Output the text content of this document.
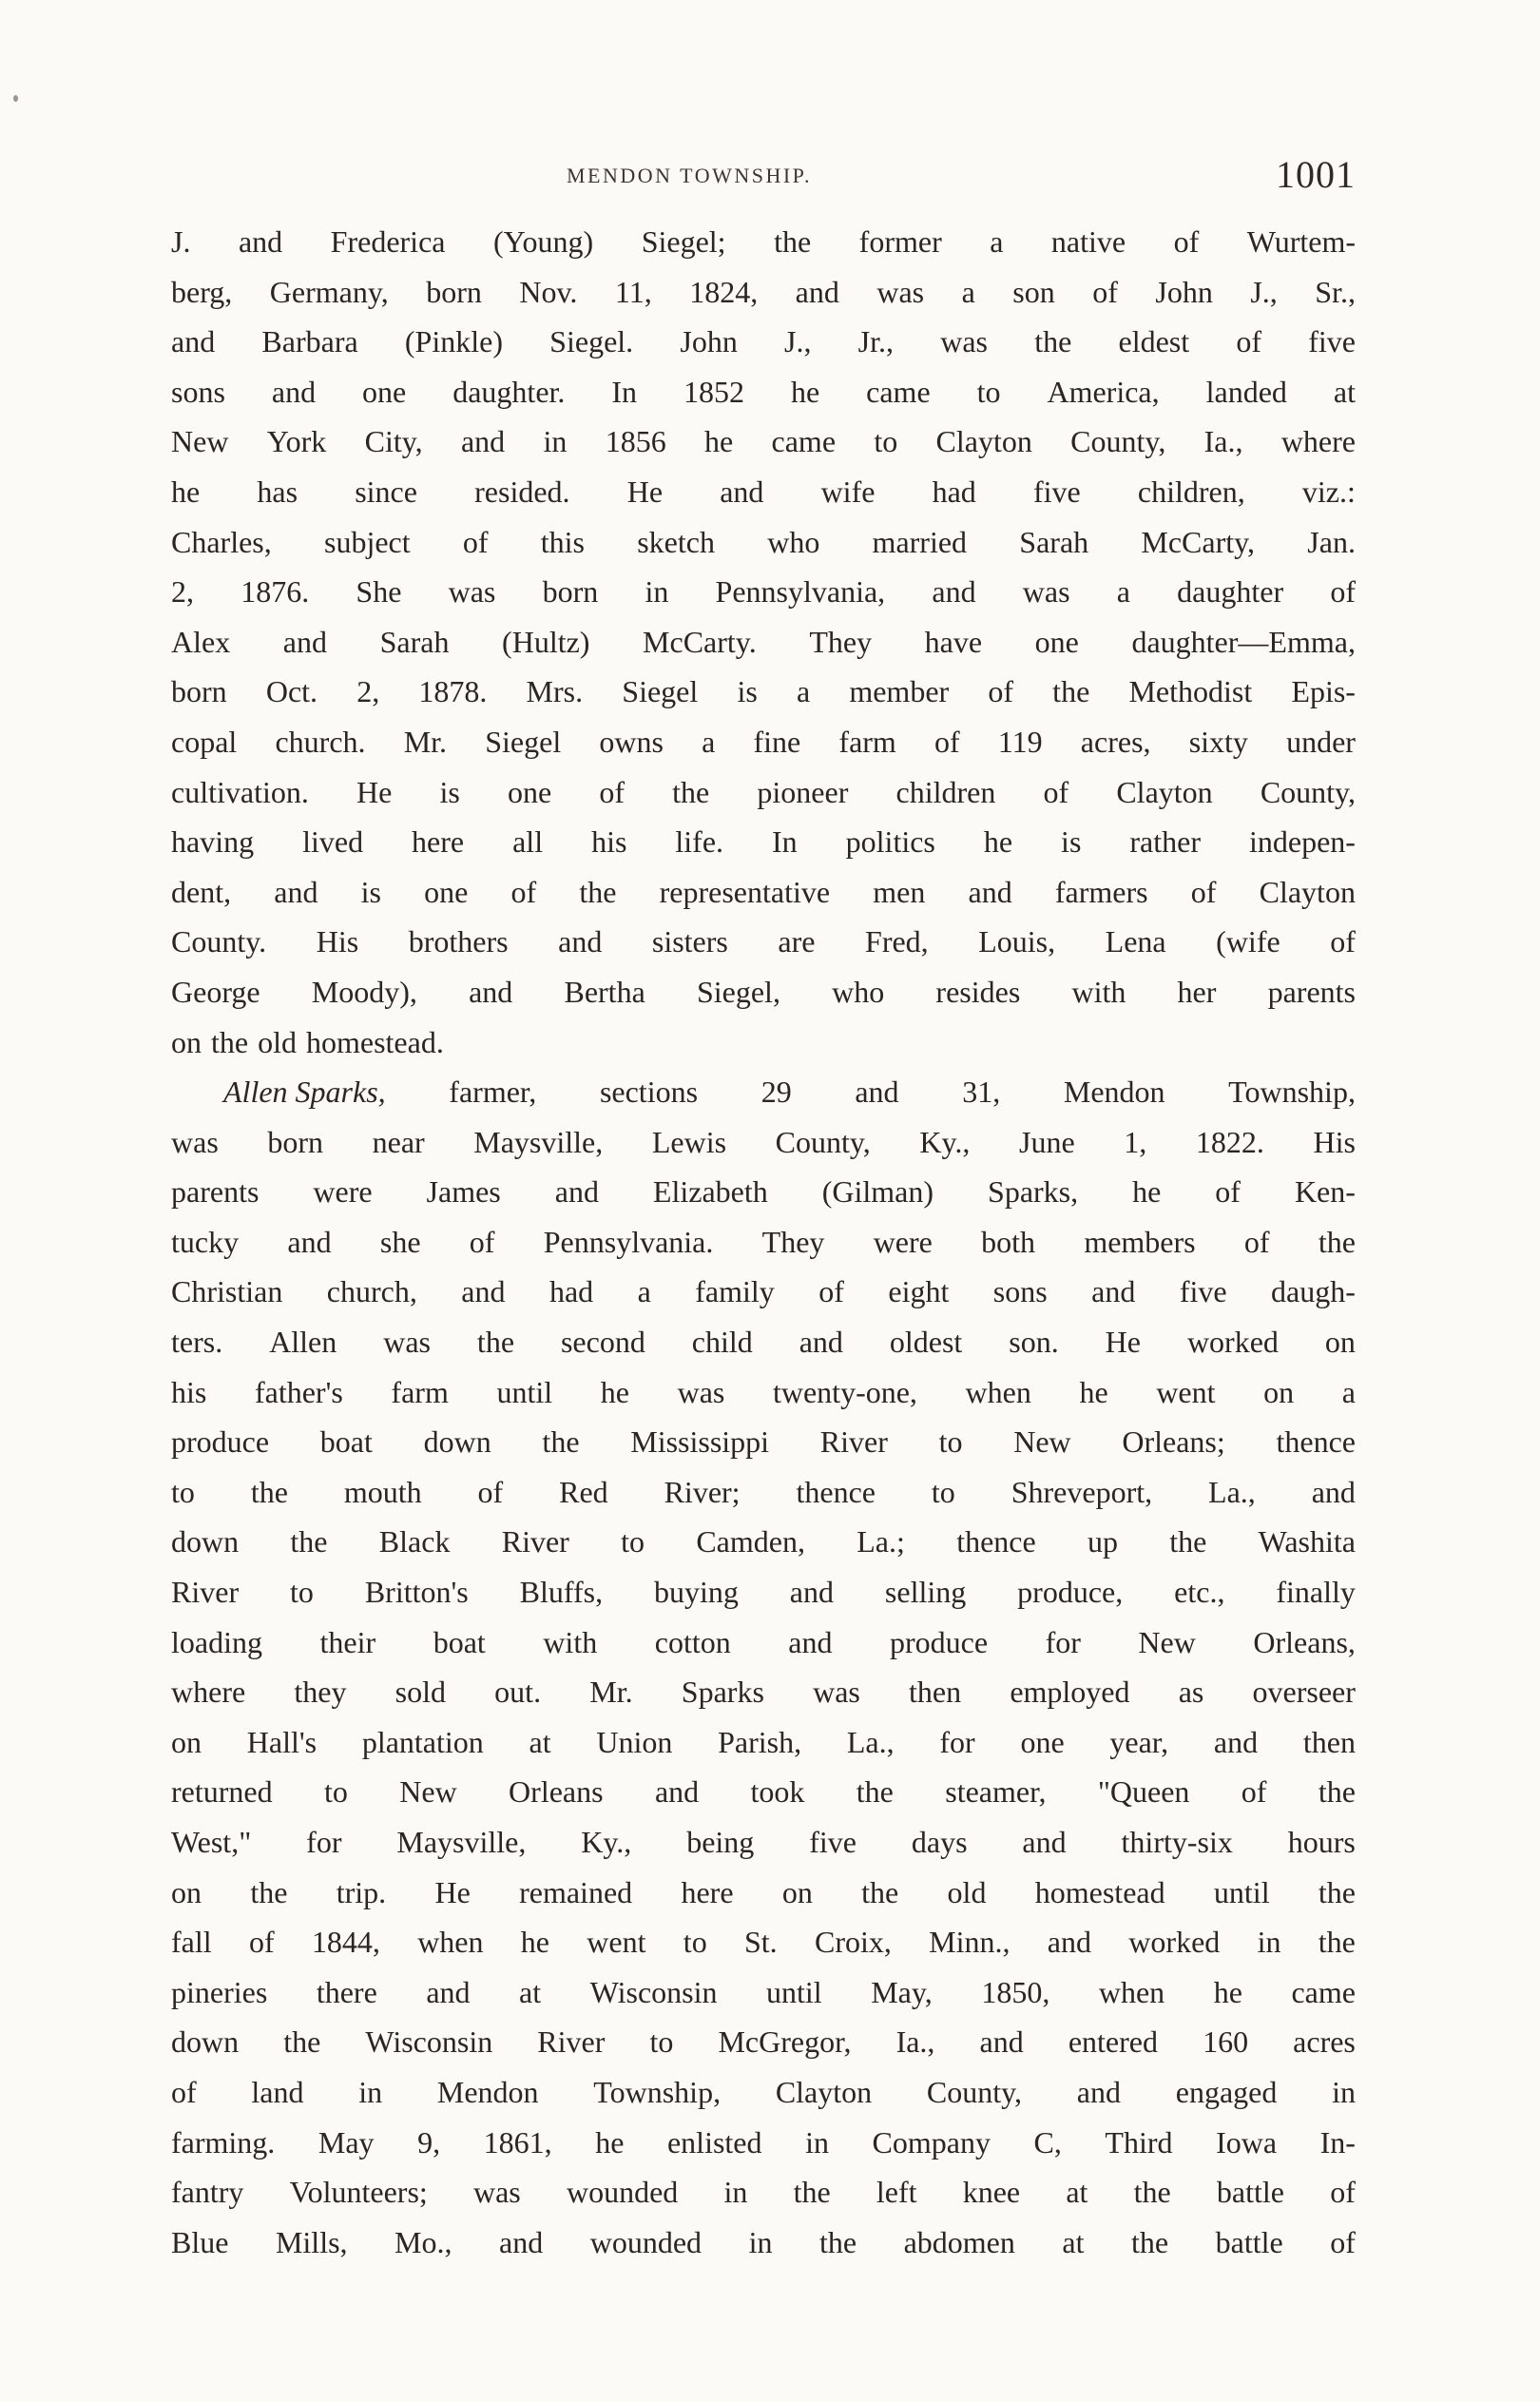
MENDON TOWNSHIP.	1001
J. and Frederica (Young) Siegel; the former a native of Wurtem-
berg, Germany, born Nov. 11, 1824, and was a son of John J., Sr.,
and Barbara (Pinkle) Siegel. John J., Jr., was the eldest of five
sons and one daughter. In 1852 he came to America, landed at
New York City, and in 1856 he came to Clayton County, Ia., where
he has since resided. He and wife had five children, viz.:
Charles, subject of this sketch who married Sarah McCarty, Jan.
2, 1876. She was born in Pennsylvania, and was a daughter of
Alex and Sarah (Hultz) McCarty. They have one daughter—Emma,
born Oct. 2, 1878. Mrs. Siegel is a member of the Methodist Epis-
copal church. Mr. Siegel owns a fine farm of 119 acres, sixty under
cultivation. He is one of the pioneer children of Clayton County,
having lived here all his life. In politics he is rather indepen-
dent, and is one of the representative men and farmers of Clayton
County. His brothers and sisters are Fred, Louis, Lena (wife of
George Moody), and Bertha Siegel, who resides with her parents
on the old homestead.
Allen Sparks, farmer, sections 29 and 31, Mendon Township,
was born near Maysville, Lewis County, Ky., June 1, 1822. His
parents were James and Elizabeth (Gilman) Sparks, he of Ken-
tucky and she of Pennsylvania. They were both members of the
Christian church, and had a family of eight sons and five daugh-
ters. Allen was the second child and oldest son. He worked on
his father's farm until he was twenty-one, when he went on a
produce boat down the Mississippi River to New Orleans; thence
to the mouth of Red River; thence to Shreveport, La., and
down the Black River to Camden, La.; thence up the Washita
River to Britton's Bluffs, buying and selling produce, etc., finally
loading their boat with cotton and produce for New Orleans,
where they sold out. Mr. Sparks was then employed as overseer
on Hall's plantation at Union Parish, La., for one year, and then
returned to New Orleans and took the steamer, "Queen of the
West," for Maysville, Ky., being five days and thirty-six hours
on the trip. He remained here on the old homestead until the
fall of 1844, when he went to St. Croix, Minn., and worked in the
pineries there and at Wisconsin until May, 1850, when he came
down the Wisconsin River to McGregor, Ia., and entered 160 acres
of land in Mendon Township, Clayton County, and engaged in
farming. May 9, 1861, he enlisted in Company C, Third Iowa In-
fantry Volunteers; was wounded in the left knee at the battle of
Blue Mills, Mo., and wounded in the abdomen at the battle of
